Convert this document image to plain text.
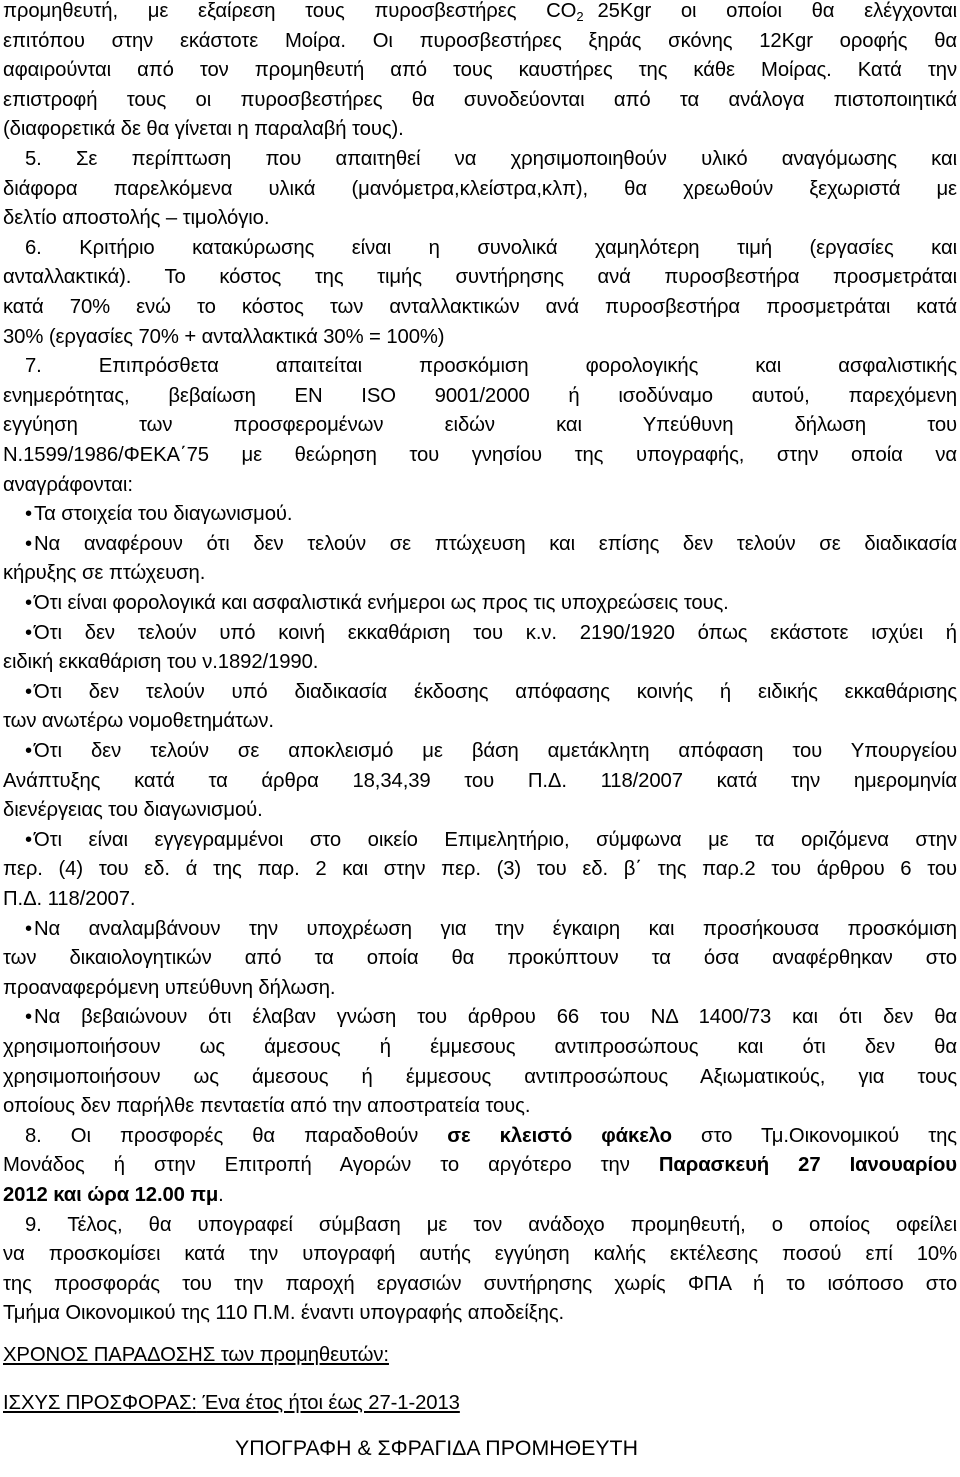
προμηθευτή, με εξαίρεση τους πυροσβεστήρες CO2 25Kgr οι οποίοι θα ελέγχονται
επιτόπου στην εκάστοτε Μοίρα. Οι πυροσβεστήρες ξηράς σκόνης 12Kgr οροφής θα
αφαιρούνται από τον προμηθευτή από τους καυστήρες της κάθε Μοίρας. Κατά την
επιστροφή τους οι πυροσβεστήρες θα συνοδεύονται από τα ανάλογα πιστοποιητικά
(διαφορετικά δε θα γίνεται η παραλαβή τους).
5. Σε περίπτωση που απαιτηθεί να χρησιμοποιηθούν υλικό αναγόμωσης και
διάφορα παρελκόμενα υλικά (μανόμετρα,κλείστρα,κλπ), θα χρεωθούν ξεχωριστά με
δελτίο αποστολής – τιμολόγιο.
6. Κριτήριο κατακύρωσης είναι η συνολικά χαμηλότερη τιμή (εργασίες και
ανταλλακτικά). Το κόστος της τιμής συντήρησης ανά πυροσβεστήρα προσμετράται
κατά 70% ενώ το κόστος των ανταλλακτικών ανά πυροσβεστήρα προσμετράται κατά
30% (εργασίες 70% + ανταλλακτικά 30% = 100%)
7. Επιπρόσθετα απαιτείται προσκόμιση φορολογικής και ασφαλιστικής
ενημερότητας, βεβαίωση EN ISO 9001/2000 ή ισοδύναμο αυτού, παρεχόμενη
εγγύηση των προσφερομένων ειδών και Υπεύθυνη δήλωση του
Ν.1599/1986/ΦΕΚΑ΄75 με θεώρηση του γνησίου της υπογραφής, στην οποία να
αναγράφονται:
•Τα στοιχεία του διαγωνισμού.
•Να αναφέρουν ότι δεν τελούν σε πτώχευση και επίσης δεν τελούν σε διαδικασία
κήρυξης σε πτώχευση.
•Ότι είναι φορολογικά και ασφαλιστικά ενήμεροι ως προς τις υποχρεώσεις τους.
•Ότι δεν τελούν υπό κοινή εκκαθάριση του κ.ν. 2190/1920 όπως εκάστοτε ισχύει ή
ειδική εκκαθάριση του ν.1892/1990.
•Ότι δεν τελούν υπό διαδικασία έκδοσης απόφασης κοινής ή ειδικής εκκαθάρισης
των ανωτέρω νομοθετημάτων.
•Ότι δεν τελούν σε αποκλεισμό με βάση αμετάκλητη απόφαση του Υπουργείου
Ανάπτυξης κατά τα άρθρα 18,34,39 του Π.Δ. 118/2007 κατά την ημερομηνία
διενέργειας του διαγωνισμού.
•Ότι είναι εγγεγραμμένοι στο οικείο Επιμελητήριο, σύμφωνα με τα οριζόμενα στην
περ. (4) του εδ. ά της παρ. 2 και στην περ. (3) του εδ. β΄ της παρ.2 του άρθρου 6 του
Π.Δ. 118/2007.
•Να αναλαμβάνουν την υποχρέωση για την έγκαιρη και προσήκουσα προσκόμιση
των δικαιολογητικών από τα οποία θα προκύπτουν τα όσα αναφέρθηκαν στο
προαναφερόμενη υπεύθυνη δήλωση.
•Να βεβαιώνουν ότι έλαβαν γνώση του άρθρου 66 του ΝΔ 1400/73 και ότι δεν θα
χρησιμοποιήσουν ως άμεσους ή έμμεσους αντιπροσώπους και ότι δεν θα
χρησιμοποιήσουν ως άμεσους ή έμμεσους αντιπροσώπους Αξιωματικούς, για τους
οποίους δεν παρήλθε πενταετία από την αποστρατεία τους.
8. Οι προσφορές θα παραδοθούν σε κλειστό φάκελο στο Τμ.Οικονομικού της
Μονάδος ή στην Επιτροπή Αγορών το αργότερο την Παρασκευή 27 Ιανουαρίου
2012 και ώρα 12.00 πμ.
9. Τέλος, θα υπογραφεί σύμβαση με τον ανάδοχο προμηθευτή, ο οποίος οφείλει
να προσκομίσει κατά την υπογραφή αυτής εγγύηση καλής εκτέλεσης ποσού επί 10%
της προσφοράς του την παροχή εργασιών συντήρησης χωρίς ΦΠΑ ή το ισόποσο στο
Τμήμα Οικονομικού της 110 Π.Μ. έναντι υπογραφής αποδείξης.
ΥΠΟΓΡΑΦΗ & ΣΦΡΑΓΙΔΑ ΠΡΟΜΗΘΕΥΤΗ
ΧΡΟΝΟΣ ΠΑΡΑΔΟΣΗΣ των προμηθευτών:
ΙΣΧΥΣ ΠΡΟΣΦΟΡΑΣ: Ένα έτος ήτοι έως 27-1-2013
